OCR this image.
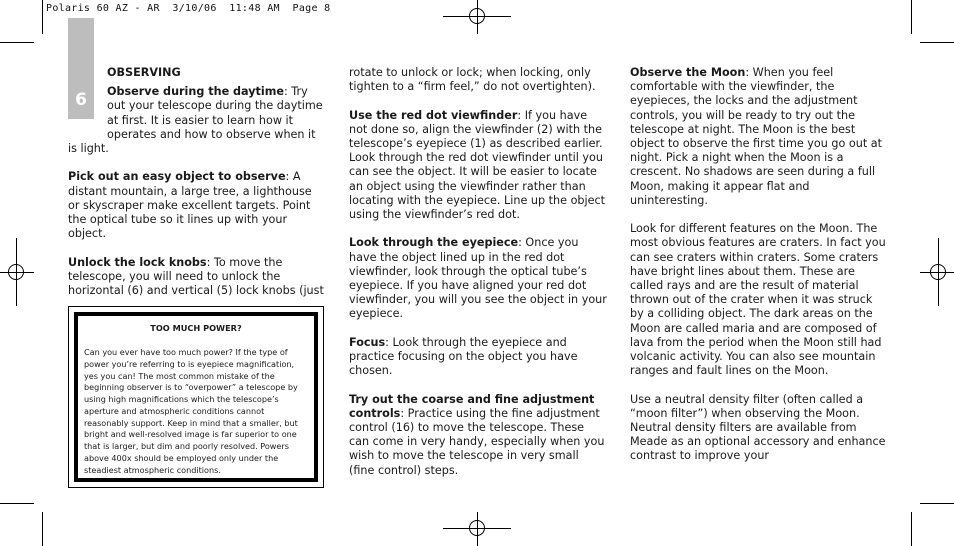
Polaris 60 AZ - AR  3/10/06  11:48 AM  Page 8
6
OBSERVING

Observe during the daytime: Try out your telescope during the daytime at first. It is easier to learn how it operates and how to observe when it
is light.

Pick out an easy object to observe: A distant mountain, a large tree, a lighthouse or skyscraper make excellent targets. Point the optical tube so it lines up with your object.

Unlock the lock knobs: To move the telescope, you will need to unlock the horizontal (6) and vertical (5) lock knobs (just

TOO MUCH POWER?
Can you ever have too much power? If the type of power you’re referring to is eyepiece magnification, yes you can! The most common mistake of the beginning observer is to “overpower” a telescope by using high magnifications which the telescope’s aperture and atmospheric conditions cannot reasonably support. Keep in mind that a smaller, but bright and well-resolved image is far superior to one that is larger, but dim and poorly resolved. Powers above 400x should be employed only under the steadiest atmospheric conditions.

rotate to unlock or lock; when locking, only tighten to a “firm feel,” do not overtighten).

Use the red dot viewfinder: If you have not done so, align the viewfinder (2) with the telescope’s eyepiece (1) as described earlier. Look through the red dot viewfinder until you can see the object. It will be easier to locate an object using the viewfinder rather than locating with the eyepiece. Line up the object using the viewfinder’s red dot.

Look through the eyepiece: Once you have the object lined up in the red dot viewfinder, look through the optical tube’s eyepiece. If you have aligned your red dot viewfinder, you will you see the object in your eyepiece.

Focus: Look through the eyepiece and practice focusing on the object you have chosen.

Try out the coarse and fine adjustment controls: Practice using the fine adjustment control (16) to move the telescope. These can come in very handy, especially when you wish to move the telescope in very small (fine control) steps.

Observe the Moon: When you feel comfortable with the viewfinder, the eyepieces, the locks and the adjustment controls, you will be ready to try out the telescope at night. The Moon is the best object to observe the first time you go out at night. Pick a night when the Moon is a crescent. No shadows are seen during a full Moon, making it appear flat and uninteresting.

Look for different features on the Moon. The most obvious features are craters. In fact you can see craters within craters. Some craters have bright lines about them. These are called rays and are the result of material thrown out of the crater when it was struck by a colliding object. The dark areas on the Moon are called maria and are composed of lava from the period when the Moon still had volcanic activity. You can also see mountain ranges and fault lines on the Moon.

Use a neutral density filter (often called a “moon filter”) when observing the Moon. Neutral density filters are available from Meade as an optional accessory and enhance contrast to improve your
